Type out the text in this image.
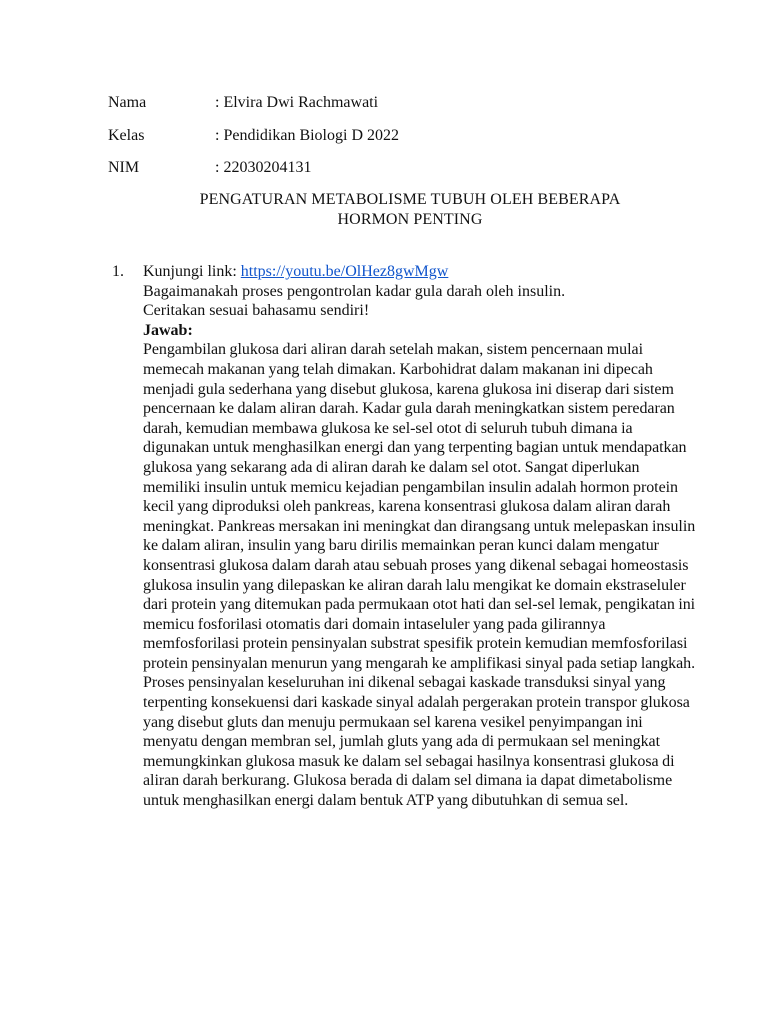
Nama	: Elvira Dwi Rachmawati
Kelas	: Pendidikan Biologi D 2022
NIM	: 22030204131
PENGATURAN METABOLISME TUBUH OLEH BEBERAPA
HORMON PENTING
1. Kunjungi link: https://youtu.be/OlHez8gwMgw
Bagaimanakah proses pengontrolan kadar gula darah oleh insulin.
Ceritakan sesuai bahasamu sendiri!
Jawab:

Pengambilan glukosa dari aliran darah setelah makan, sistem pencernaan mulai memecah makanan yang telah dimakan. Karbohidrat dalam makanan ini dipecah menjadi gula sederhana yang disebut glukosa, karena glukosa ini diserap dari sistem pencernaan ke dalam aliran darah. Kadar gula darah meningkatkan sistem peredaran darah, kemudian membawa glukosa ke sel-sel otot di seluruh tubuh dimana ia digunakan untuk menghasilkan energi dan yang terpenting bagian untuk mendapatkan glukosa yang sekarang ada di aliran darah ke dalam sel otot. Sangat diperlukan memiliki insulin untuk memicu kejadian pengambilan insulin adalah hormon protein kecil yang diproduksi oleh pankreas, karena konsentrasi glukosa dalam aliran darah meningkat. Pankreas mersakan ini meningkat dan dirangsang untuk melepaskan insulin ke dalam aliran, insulin yang baru dirilis memainkan peran kunci dalam mengatur konsentrasi glukosa dalam darah atau sebuah proses yang dikenal sebagai homeostasis glukosa insulin yang dilepaskan ke aliran darah lalu mengikat ke domain ekstraseluler dari protein yang ditemukan pada permukaan otot hati dan sel-sel lemak, pengikatan ini memicu fosforilasi otomatis dari domain intaseluler yang pada gilirannya memfosforilasi protein pensinyalan substrat spesifik protein kemudian memfosforilasi protein pensinyalan menurun yang mengarah ke amplifikasi sinyal pada setiap langkah. Proses pensinyalan keseluruhan ini dikenal sebagai kaskade transduksi sinyal yang terpenting konsekuensi dari kaskade sinyal adalah pergerakan protein transpor glukosa yang disebut gluts dan menuju permukaan sel karena vesikel penyimpangan ini menyatu dengan membran sel, jumlah gluts yang ada di permukaan sel meningkat memungkinkan glukosa masuk ke dalam sel sebagai hasilnya konsentrasi glukosa di aliran darah berkurang. Glukosa berada di dalam sel dimana ia dapat dimetabolisme untuk menghasilkan energi dalam bentuk ATP yang dibutuhkan di semua sel.
